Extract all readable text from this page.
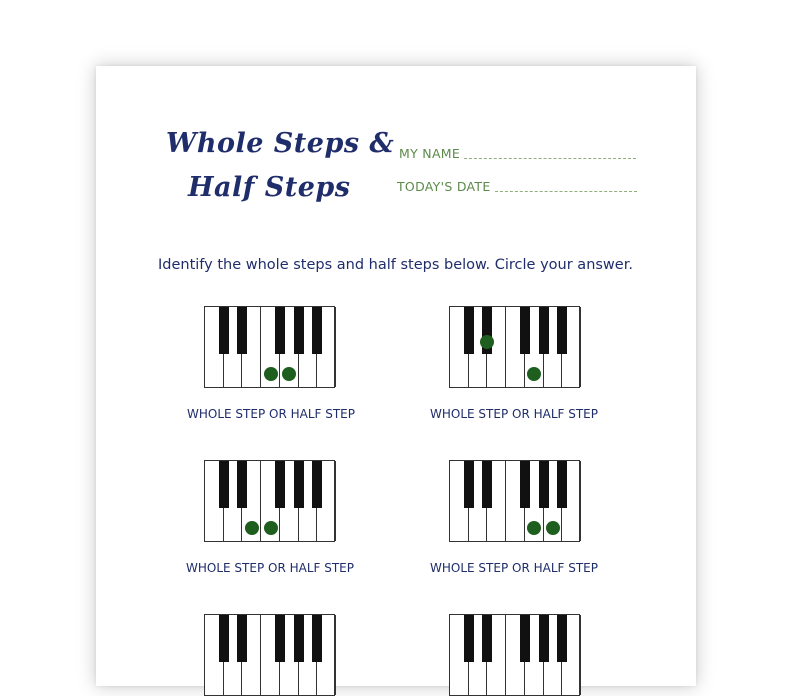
Whole Steps &
Half Steps
MY NAME
TODAY'S DATE
Identify the whole steps and half steps below. Circle your answer.
WHOLE STEP OR HALF STEP	WHOLE STEP OR HALF STEP
WHOLE STEP OR HALF STEP	WHOLE STEP OR HALF STEP
